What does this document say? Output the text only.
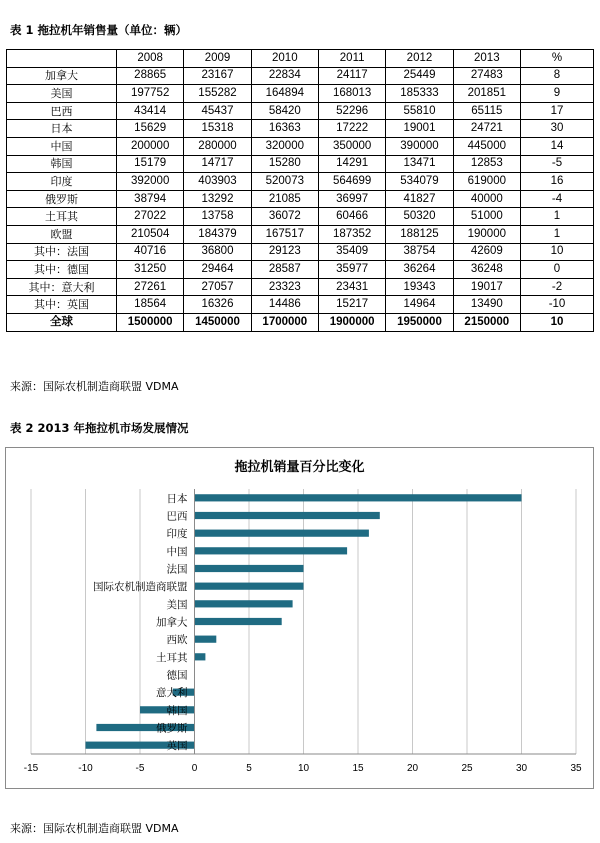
表 1 拖拉机年销售量（单位：辆）
	2008	2009	2010	2011	2012	2013	%
加拿大	28865	23167	22834	24117	25449	27483	8
美国	197752	155282	164894	168013	185333	201851	9
巴西	43414	45437	58420	52296	55810	65115	17
日本	15629	15318	16363	17222	19001	24721	30
中国	200000	280000	320000	350000	390000	445000	14
韩国	15179	14717	15280	14291	13471	12853	-5
印度	392000	403903	520073	564699	534079	619000	16
俄罗斯	38794	13292	21085	36997	41827	40000	-4
土耳其	27022	13758	36072	60466	50320	51000	1
欧盟	210504	184379	167517	187352	188125	190000	1
其中：法国	40716	36800	29123	35409	38754	42609	10
其中：德国	31250	29464	28587	35977	36264	36248	0
其中：意大利	27261	27057	23323	23431	19343	19017	-2
其中：英国	18564	16326	14486	15217	14964	13490	-10
全球	1500000	1450000	1700000	1900000	1950000	2150000	10
来源：国际农机制造商联盟 VDMA
表 2 2013 年拖拉机市场发展情况
拖拉机销量百分比变化
-15	-10	-5	0	5	10	15	20	25	30	35
日本
巴西
印度
中国
法国
国际农机制造商联盟
美国
加拿大
西欧
土耳其
德国
意大利
韩国
俄罗斯
英国
来源：国际农机制造商联盟 VDMA
